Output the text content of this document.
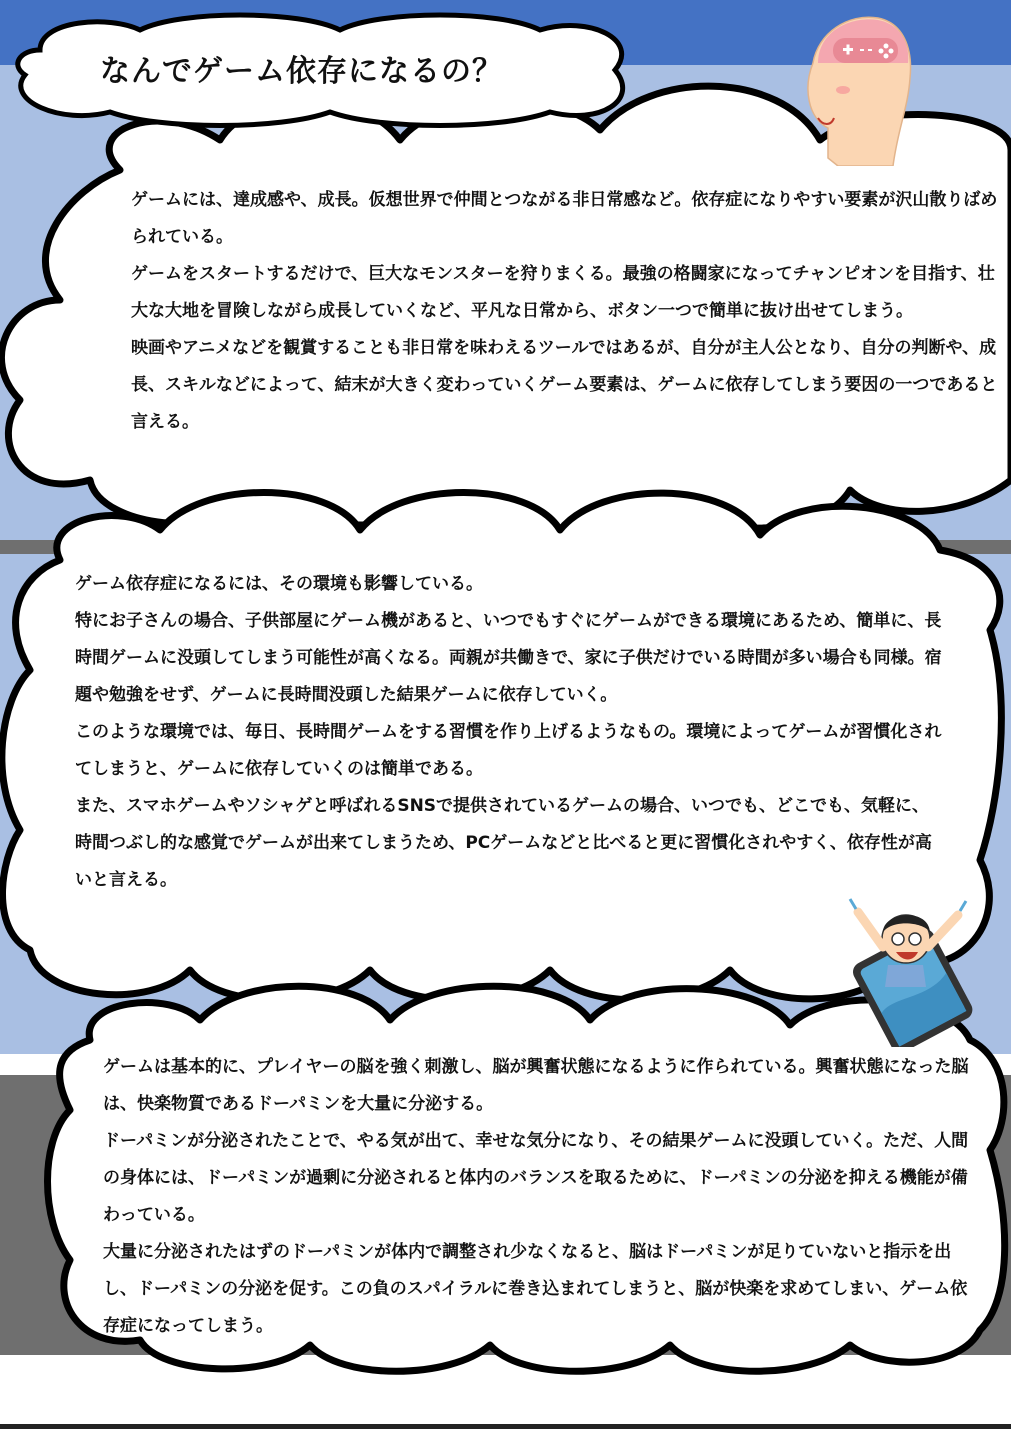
なんでゲーム依存になるの？

ゲームには、達成感や、成長。仮想世界で仲間とつながる非日常感など。依存症になりやすい要素が沢山散りばめられている。

ゲームをスタートするだけで、巨大なモンスターを狩りまくる。最強の格闘家になってチャンピオンを目指す、壮大な大地を冒険しながら成長していくなど、平凡な日常から、ボタン一つで簡単に抜け出せてしまう。

映画やアニメなどを観賞することも非日常を味わえるツールではあるが、自分が主人公となり、自分の判断や、成長、スキルなどによって、結末が大きく変わっていくゲーム要素は、ゲームに依存してしまう要因の一つであると言える。

ゲーム依存症になるには、その環境も影響している。

特にお子さんの場合、子供部屋にゲーム機があると、いつでもすぐにゲームができる環境にあるため、簡単に、長時間ゲームに没頭してしまう可能性が高くなる。両親が共働きで、家に子供だけでいる時間が多い場合も同様。宿題や勉強をせず、ゲームに長時間没頭した結果ゲームに依存していく。

このような環境では、毎日、長時間ゲームをする習慣を作り上げるようなもの。環境によってゲームが習慣化されてしまうと、ゲームに依存していくのは簡単である。

また、スマホゲームやソシャゲと呼ばれるSNSで提供されているゲームの場合、いつでも、どこでも、気軽に、時間つぶし的な感覚でゲームが出来てしまうため、PCゲームなどと比べると更に習慣化されやすく、依存性が高いと言える。

ゲームは基本的に、プレイヤーの脳を強く刺激し、脳が興奮状態になるように作られている。興奮状態になった脳は、快楽物質であるドーパミンを大量に分泌する。

ドーパミンが分泌されたことで、やる気が出て、幸せな気分になり、その結果ゲームに没頭していく。ただ、人間の身体には、ドーパミンが過剰に分泌されると体内のバランスを取るために、ドーパミンの分泌を抑える機能が備わっている。

大量に分泌されたはずのドーパミンが体内で調整され少なくなると、脳はドーパミンが足りていないと指示を出し、ドーパミンの分泌を促す。この負のスパイラルに巻き込まれてしまうと、脳が快楽を求めてしまい、ゲーム依存症になってしまう。
